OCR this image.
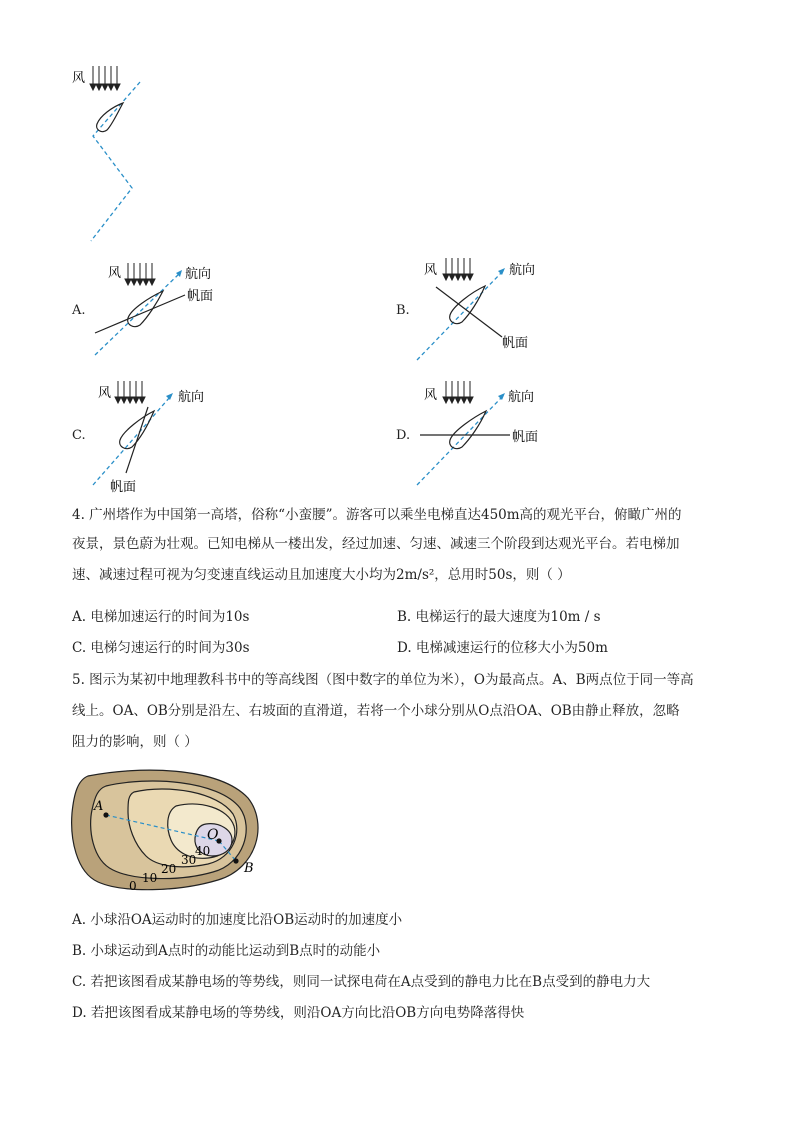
风
A.
风	航向
帆面
B.
风	航向
帆面
C.
风	航向
帆面
D.
风	航向
帆面
4. 广州塔作为中国第一高塔，俗称“小蛮腰”。游客可以乘坐电梯直达450m高的观光平台，俯瞰广州的
夜景，景色蔚为壮观。已知电梯从一楼出发，经过加速、匀速、减速三个阶段到达观光平台。若电梯加
速、减速过程可视为匀变速直线运动且加速度大小均为2m/s²，总用时50s，则（ ）
A. 电梯加速运行的时间为10s	B. 电梯运行的最大速度为10m / s
C. 电梯匀速运行的时间为30s	D. 电梯减速运行的位移大小为50m
5. 图示为某初中地理教科书中的等高线图（图中数字的单位为米），O为最高点。A、B两点位于同一等高
线上。OA、OB分别是沿左、右坡面的直滑道，若将一个小球分别从O点沿OA、OB由静止释放，忽略
阻力的影响，则（ ）
A
B
O
40
30
20
10
0
A. 小球沿OA运动时的加速度比沿OB运动时的加速度小
B. 小球运动到A点时的动能比运动到B点时的动能小
C. 若把该图看成某静电场的等势线，则同一试探电荷在A点受到的静电力比在B点受到的静电力大
D. 若把该图看成某静电场的等势线，则沿OA方向比沿OB方向电势降落得快
